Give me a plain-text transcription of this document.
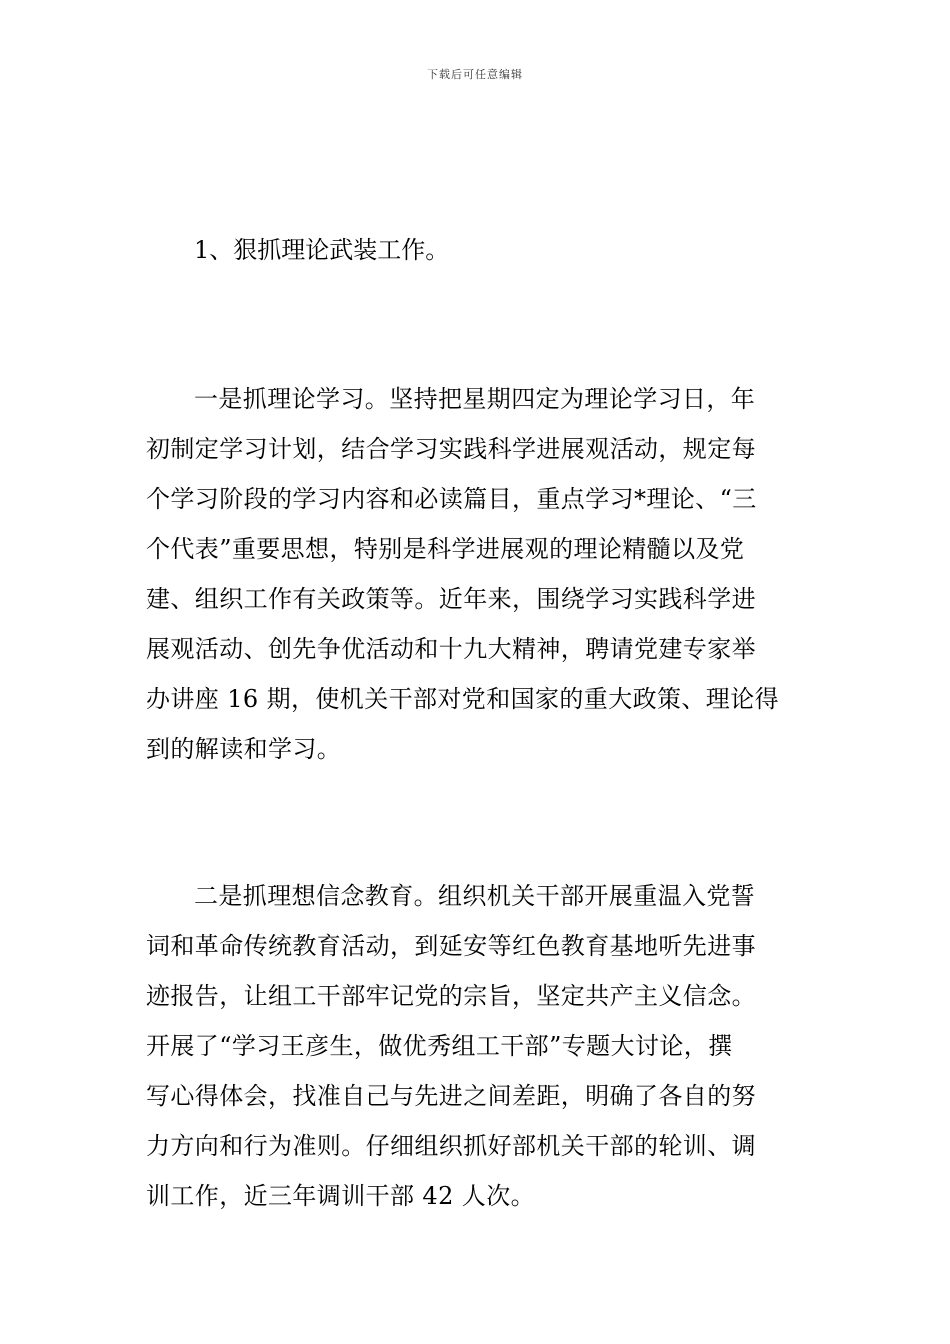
下载后可任意编辑
1、狠抓理论武装工作。
一是抓理论学习。坚持把星期四定为理论学习日，年
初制定学习计划，结合学习实践科学进展观活动，规定每
个学习阶段的学习内容和必读篇目，重点学习*理论、“三
个代表”重要思想，特别是科学进展观的理论精髓以及党
建、组织工作有关政策等。近年来，围绕学习实践科学进
展观活动、创先争优活动和十九大精神，聘请党建专家举
办讲座 16 期，使机关干部对党和国家的重大政策、理论得
到的解读和学习。
二是抓理想信念教育。组织机关干部开展重温入党誓
词和革命传统教育活动，到延安等红色教育基地听先进事
迹报告，让组工干部牢记党的宗旨，坚定共产主义信念。
开展了“学习王彦生，做优秀组工干部”专题大讨论，撰
写心得体会，找准自己与先进之间差距，明确了各自的努
力方向和行为准则。仔细组织抓好部机关干部的轮训、调
训工作，近三年调训干部 42 人次。
